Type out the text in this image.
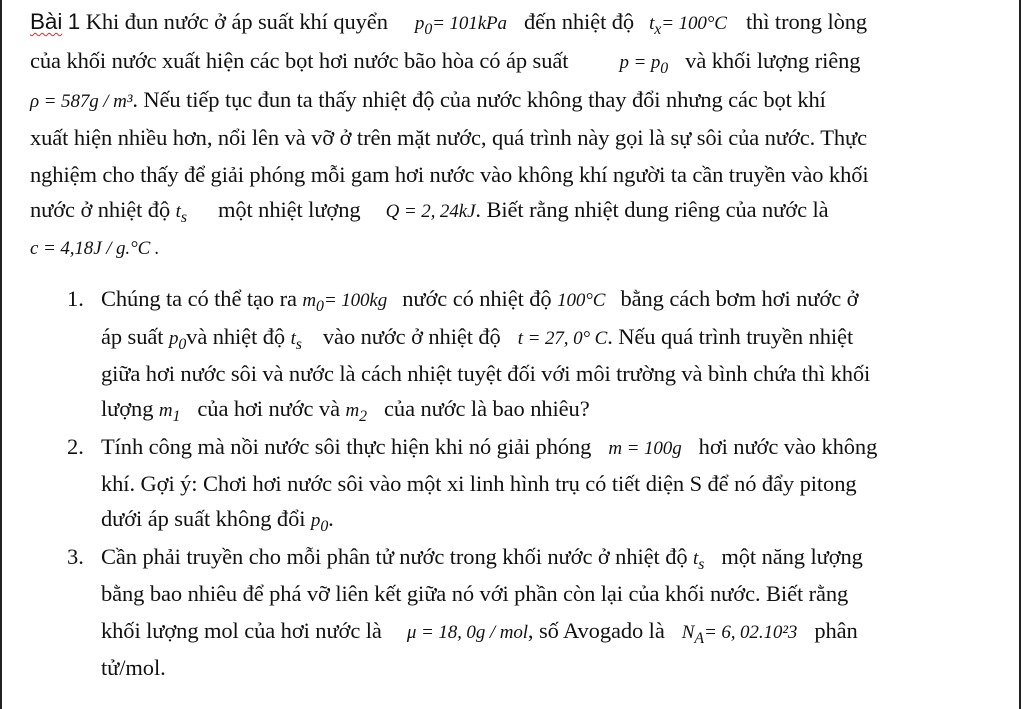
Bài 1 Khi đun nước ở áp suất khí quyển $p_0= 101kPa$ đến nhiệt độ $t_x= 100^\circ C$ thì trong lòng
của khối nước xuất hiện các bọt hơi nước bão hòa có áp suất	$p = p_0$ và khối lượng riêng
ρ = 587g / m³. Nếu tiếp tục đun ta thấy nhiệt độ của nước không thay đổi nhưng các bọt khí
xuất hiện nhiều hơn, nổi lên và vỡ ở trên mặt nước, quá trình này gọi là sự sôi của nước. Thực
nghiệm cho thấy để giải phóng mỗi gam hơi nước vào không khí người ta cần truyền vào khối
nước ở nhiệt độ $t_s$ một nhiệt lượng Q = 2, 24kJ. Biết rằng nhiệt dung riêng của nước là
c = 4,18J / g.°C .
1. Chúng ta có thể tạo ra $m_0= 100kg$ nước có nhiệt độ 100°C bằng cách bơm hơi nước ở
áp suất $p_0và$ nhiệt độ $t_s$ vào nước ở nhiệt độ t = 27, 0° C. Nếu quá trình truyền nhiệt
giữa hơi nước sôi và nước là cách nhiệt tuyệt đối với môi trường và bình chứa thì khối
lượng $m_1$ của hơi nước và $m_2$ của nước là bao nhiêu?
2. Tính công mà nồi nước sôi thực hiện khi nó giải phóng m = 100g hơi nước vào không
khí. Gợi ý: Chơi hơi nước sôi vào một xi linh hình trụ có tiết diện S để nó đẩy pitong
dưới áp suất không đổi $p_0$.
3. Cần phải truyền cho mỗi phân tử nước trong khối nước ở nhiệt độ $t_s$ một năng lượng
bằng bao nhiêu để phá vỡ liên kết giữa nó với phần còn lại của khối nước. Biết rằng
khối lượng mol của hơi nước là μ = 18, 0g / mol, số Avogado là $N_A= 6$, 02.10²3 phân
tử/mol.
